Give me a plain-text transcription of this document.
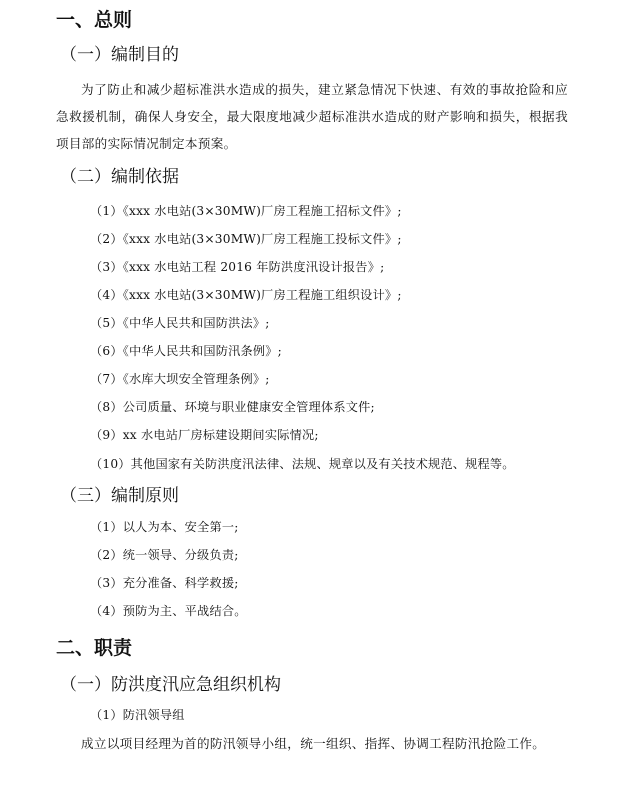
一、总则
（一）编制目的

为了防止和减少超标准洪水造成的损失，建立紧急情况下快速、有效的事故抢险和应急救援机制，确保人身安全，最大限度地减少超标准洪水造成的财产影响和损失，根据我项目部的实际情况制定本预案。

（二）编制依据
（1）《xxx 水电站(3×30MW)厂房工程施工招标文件》;
（2）《xxx 水电站(3×30MW)厂房工程施工投标文件》;
（3）《xxx 水电站工程 2016 年防洪度汛设计报告》;
（4）《xxx 水电站(3×30MW)厂房工程施工组织设计》;
（5）《中华人民共和国防洪法》;
（6）《中华人民共和国防汛条例》;
（7）《水库大坝安全管理条例》;
（8）公司质量、环境与职业健康安全管理体系文件;
（9）xx 水电站厂房标建设期间实际情况;
（10）其他国家有关防洪度汛法律、法规、规章以及有关技术规范、规程等。
（三）编制原则
（1）以人为本、安全第一;
（2）统一领导、分级负责;
（3）充分准备、科学救援;
（4）预防为主、平战结合。
二、职责
（一）防洪度汛应急组织机构
（1）防汛领导组

成立以项目经理为首的防汛领导小组，统一组织、指挥、协调工程防汛抢险工作。
